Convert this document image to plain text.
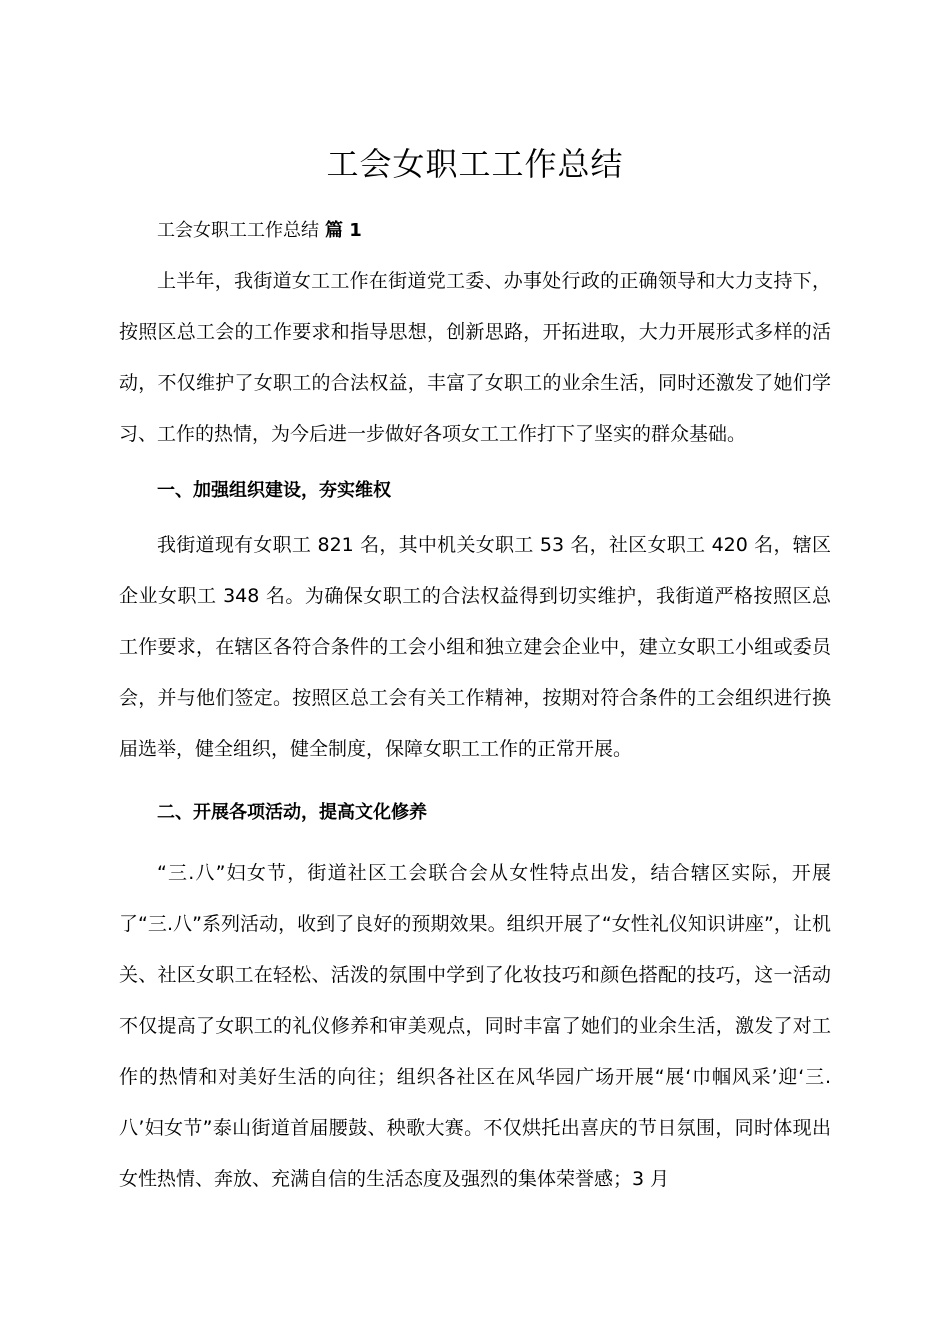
工会女职工工作总结

工会女职工工作总结 篇 1

上半年，我街道女工工作在街道党工委、办事处行政的正确领导和大力支持下，按照区总工会的工作要求和指导思想，创新思路，开拓进取，大力开展形式多样的活动，不仅维护了女职工的合法权益，丰富了女职工的业余生活，同时还激发了她们学习、工作的热情，为今后进一步做好各项女工工作打下了坚实的群众基础。

一、加强组织建设，夯实维权

我街道现有女职工 821 名，其中机关女职工 53 名，社区女职工 420 名，辖区企业女职工 348 名。为确保女职工的合法权益得到切实维护，我街道严格按照区总工作要求，在辖区各符合条件的工会小组和独立建会企业中，建立女职工小组或委员会，并与他们签定。按照区总工会有关工作精神，按期对符合条件的工会组织进行换届选举，健全组织，健全制度，保障女职工工作的正常开展。

二、开展各项活动，提高文化修养

“三.八”妇女节，街道社区工会联合会从女性特点出发，结合辖区实际，开展了“三.八”系列活动，收到了良好的预期效果。组织开展了“女性礼仪知识讲座”，让机关、社区女职工在轻松、活泼的氛围中学到了化妆技巧和颜色搭配的技巧，这一活动不仅提高了女职工的礼仪修养和审美观点，同时丰富了她们的业余生活，激发了对工作的热情和对美好生活的向往；组织各社区在风华园广场开展“展‘巾帼风采’迎‘三.八’妇女节”泰山街道首届腰鼓、秧歌大赛。不仅烘托出喜庆的节日氛围，同时体现出女性热情、奔放、充满自信的生活态度及强烈的集体荣誉感；3 月
